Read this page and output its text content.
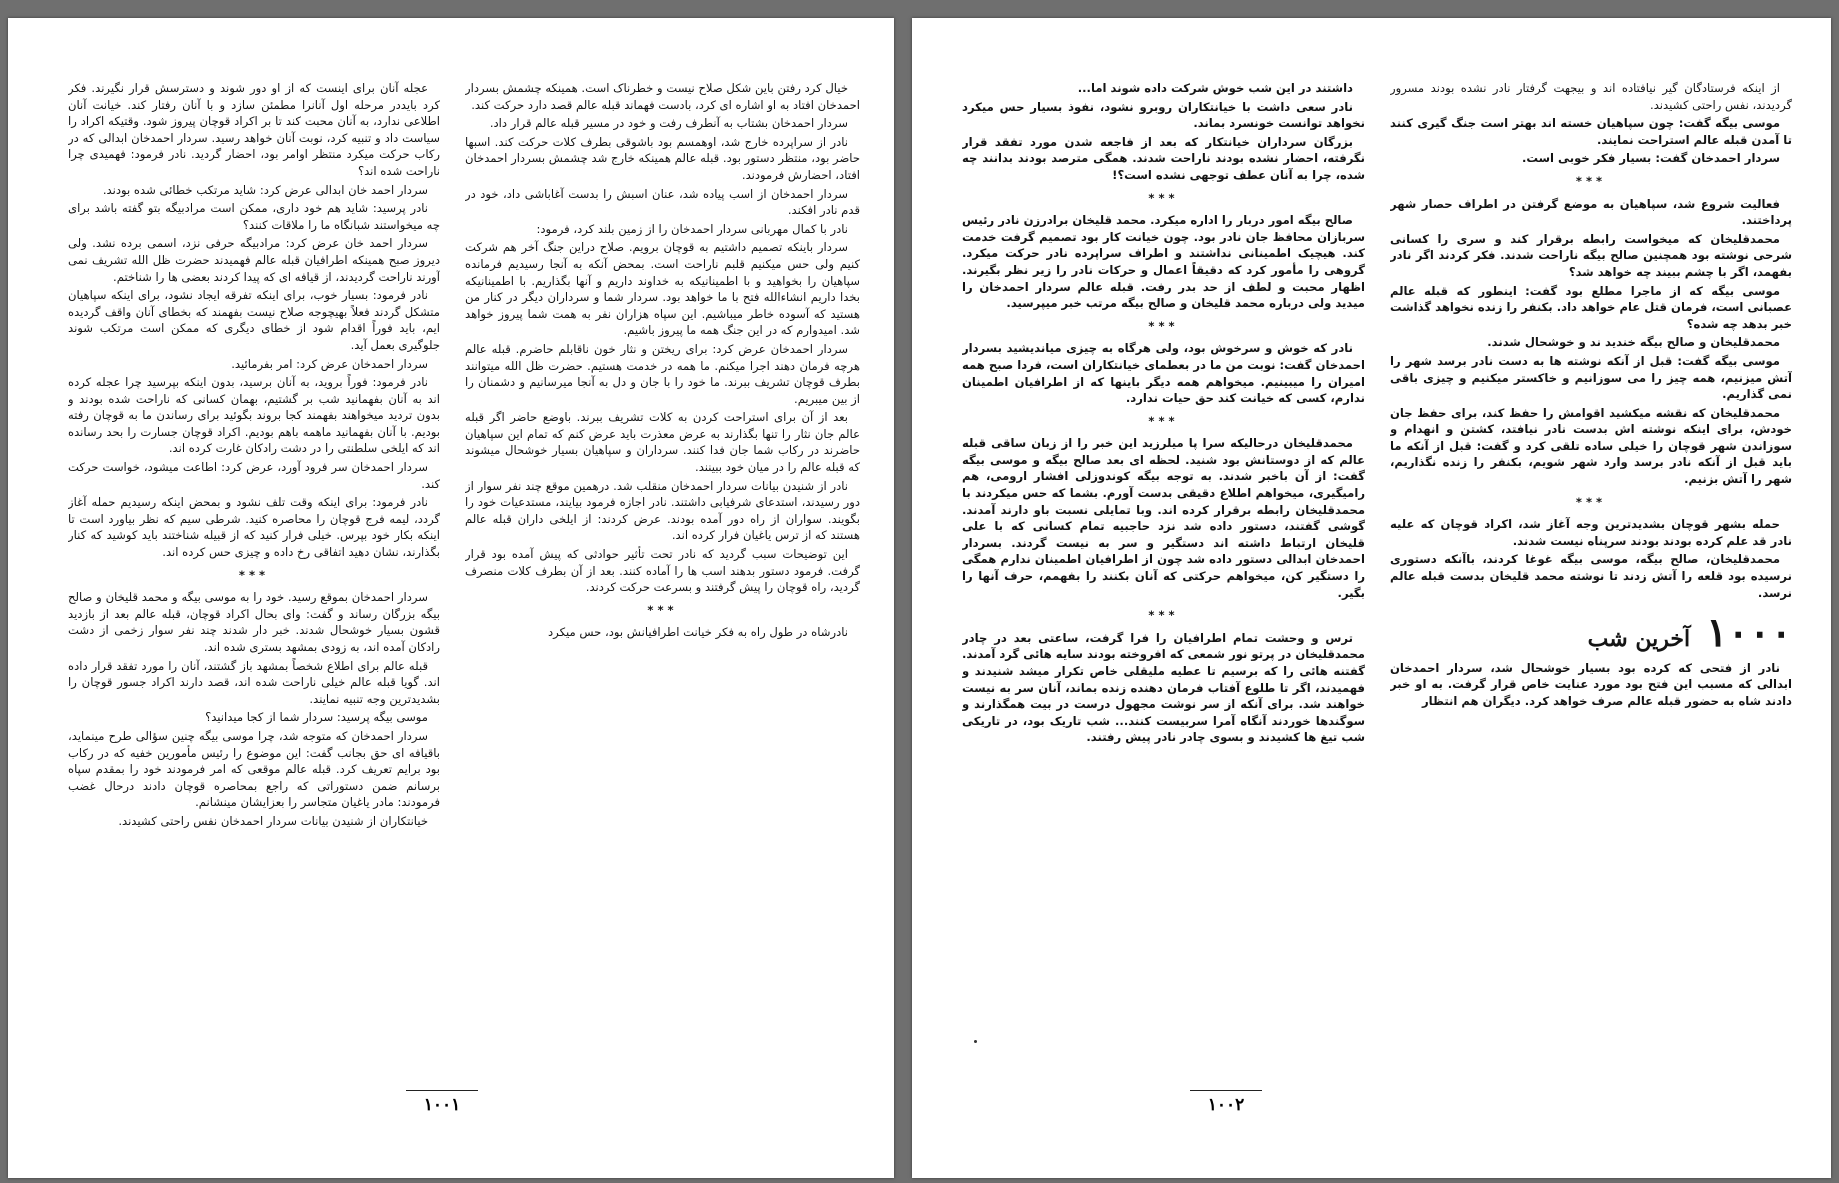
خیال کرد رفتن باین شکل صلاح نیست و خطرناک است. همینکه چشمش بسردار احمدخان افتاد به او اشاره ای کرد، بادست فهماند قبله عالم قصد دارد حرکت کند.

سردار احمدخان بشتاب به آنطرف رفت و خود در مسیر قبله عالم قرار داد.

نادر از سراپرده خارج شد، اوهمسم بود باشوقی بطرف کلات حرکت کند. اسبها حاضر بود، منتظر دستور بود. قبله عالم همینکه خارج شد چشمش بسردار احمدخان افتاد، احضارش فرمودند.

سردار احمدخان از اسب پیاده شد، عنان اسبش را بدست آغاباشی داد، خود در قدم نادر افکند.

نادر با کمال مهربانی سردار احمدخان را از زمین بلند کرد، فرمود:

سردار باینکه تصمیم داشتیم به قوچان برویم. صلاح دراین جنگ آخر هم شرکت کنیم ولی حس میکنیم قلبم ناراحت است. بمحض آنکه به آنجا رسیدیم فرمانده سپاهیان را بخواهید و با اطمینانیکه به خداوند داریم و آنها بگذاریم. با اطمینانیکه بخدا داریم انشاءالله فتح با ما خواهد بود. سردار شما و سرداران دیگر در کنار من هستید که آسوده خاطر میباشیم. این سپاه هزاران نفر به همت شما پیروز خواهد شد. امیدوارم که در این جنگ همه ما پیروز باشیم.

سردار احمدخان عرض کرد: برای ریختن و نثار خون ناقابلم حاضرم. قبله عالم هرچه فرمان دهند اجرا میکنم. ما همه در خدمت هستیم. حضرت ظل الله میتوانند بطرف قوچان تشریف ببرند. ما خود را با جان و دل به آنجا میرسانیم و دشمنان را از بین میبریم.

بعد از آن برای استراحت کردن به کلات تشریف ببرند. باوضع حاضر اگر قبله عالم جان نثار را تنها بگذارند به عرض معذرت باید عرض کنم که تمام این سپاهیان حاضرند در رکاب شما جان فدا کنند. سرداران و سپاهیان بسیار خوشحال میشوند که قبله عالم را در میان خود ببینند.

نادر از شنیدن بیانات سردار احمدخان منقلب شد. درهمین موقع چند نفر سوار از دور رسیدند، استدعای شرفیابی داشتند. نادر اجازه فرمود بیایند، مستدعیات خود را بگویند. سواران از راه دور آمده بودند. عرض کردند: از ایلخی داران قبله عالم هستند که از ترس یاغیان فرار کرده اند.

این توضیحات سبب گردید که نادر تحت تأثیر حوادثی که پیش آمده بود قرار گرفت. فرمود دستور بدهند اسب ها را آماده کنند. بعد از آن بطرف کلات منصرف گردید، راه قوچان را پیش گرفتند و بسرعت حرکت کردند.

***

نادرشاه در طول راه به فکر خیانت اطرافیانش بود، حس میکرد

عجله آنان برای اینست که از او دور شوند و دسترسش قرار نگیرند. فکر کرد بایددر مرحله اول آنانرا مطمئن سازد و با آنان رفتار کند. خیانت آنان اطلاعی ندارد، به آنان محبت کند تا بر اکراد قوچان پیروز شود. وقتیکه اکراد را سیاست داد و تنبیه کرد، نوبت آنان خواهد رسید. سردار احمدخان ابدالی که در رکاب حرکت میکرد منتظر اوامر بود، احضار گردید. نادر فرمود: فهمیدی چرا ناراحت شده اند؟

سردار احمد خان ابدالی عرض کرد: شاید مرتکب خطائی شده بودند.

نادر پرسید: شاید هم خود داری، ممکن است مرادبیگه بتو گفته باشد برای چه میخواستند شبانگاه ما را ملاقات کنند؟

سردار احمد خان عرض کرد: مرادبیگه حرفی نزد، اسمی برده نشد. ولی دیروز صبح همینکه اطرافیان قبله عالم فهمیدند حضرت ظل الله تشریف نمی آورند ناراحت گردیدند، از قیافه ای که پیدا کردند بعضی ها را شناختم.

نادر فرمود: بسیار خوب، برای اینکه تفرقه ایجاد نشود، برای اینکه سپاهیان متشکل گردند فعلاً بهیچوجه صلاح نیست بفهمند که بخطای آنان واقف گردیده ایم، باید فوراً اقدام شود از خطای دیگری که ممکن است مرتکب شوند جلوگیری بعمل آید.

سردار احمدخان عرض کرد: امر بفرمائید.

نادر فرمود: فوراً بروید، به آنان برسید، بدون اینکه بپرسید چرا عجله کرده اند به آنان بفهمانید شب بر گشتیم، بهمان کسانی که ناراحت شده بودند و بدون تردید میخواهند بفهمند کجا بروند بگوئید برای رساندن ما به قوچان رفته بودیم. با آنان بفهمانید ماهمه باهم بودیم. اکراد قوچان جسارت را بحد رسانده اند که ایلخی سلطنتی را در دشت رادکان غارت کرده اند.

سردار احمدخان سر فرود آورد، عرض کرد: اطاعت میشود، خواست حرکت کند.

نادر فرمود: برای اینکه وقت تلف نشود و بمحض اینکه رسیدیم حمله آغاز گردد، لیمه فرج قوچان را محاصره کنید. شرطی سیم که نظر بیاورد است تا اینکه بکار خود بپرس. خیلی فرار کنید که از قبیله شناختند باید کوشید که کنار بگذارند، نشان دهید اتفاقی رخ داده و چیزی حس کرده اند.

***

سردار احمدخان بموقع رسید. خود را به موسی بیگه و محمد قلیخان و صالح بیگه بزرگان رساند و گفت: وای بحال اکراد قوچان، قبله عالم بعد از بازدید قشون بسیار خوشحال شدند. خبر دار شدند چند نفر سوار زخمی از دشت رادکان آمده اند، به زودی بمشهد بستری شده اند.

قبله عالم برای اطلاع شخصاً بمشهد باز گشتند، آنان را مورد تفقد قرار داده اند. گویا قبله عالم خیلی ناراحت شده اند، قصد دارند اکراد جسور قوچان را بشدیدترین وجه تنبیه نمایند.

موسی بیگه پرسید: سردار شما از کجا میدانید؟

سردار احمدخان که متوجه شد، چرا موسی بیگه چنین سؤالی طرح مینماید، باقیافه ای حق بجانب گفت: این موضوع را رئیس مأمورین خفیه که در رکاب بود برایم تعریف کرد. قبله عالم موقعی که امر فرمودند خود را بمقدم سپاه برسانم ضمن دستوراتی که راجع بمحاصره قوچان دادند درحال غضب فرمودند: مادر یاغیان متجاسر را بعزایشان مینشانم.

خیانتکاران از شنیدن بیانات سردار احمدخان نفس راحتی کشیدند.

۱۰۰۱

از اینکه فرستادگان گیر نیافتاده اند و بیجهت گرفتار نادر نشده بودند مسرور گردیدند، نفس راحتی کشیدند.

موسی بیگه گفت: چون سپاهیان خسته اند بهتر است جنگ گیری کنند تا آمدن قبله عالم استراحت نمایند.

سردار احمدخان گفت: بسیار فکر خوبی است.

***

فعالیت شروع شد، سپاهیان به موضع گرفتن در اطراف حصار شهر پرداختند.

محمدقلیخان که میخواست رابطه برقرار کند و سری را کسانی شرحی نوشته بود همچنین صالح بیگه ناراحت شدند. فکر کردند اگر نادر بفهمد، اگر با چشم ببیند چه خواهد شد؟

موسی بیگه که از ماجرا مطلع بود گفت: اینطور که قبله عالم عصبانی است، فرمان قتل عام خواهد داد. بکنفر را زنده نخواهد گذاشت خبر بدهد چه شده؟

محمدقلیخان و صالح بیگه خندید ند و خوشحال شدند.

موسی بیگه گفت: قبل از آنکه نوشته ها به دست نادر برسد شهر را آتش میزنیم، همه چیز را می سوزانیم و خاکستر میکنیم و چیزی باقی نمی گذاریم.

محمدقلیخان که نقشه میکشید اقوامش را حفظ کند، برای حفظ جان خودش، برای اینکه نوشته اش بدست نادر نیافتد، کشتن و انهدام و سوزاندن شهر قوچان را خیلی ساده تلقی کرد و گفت: قبل از آنکه ما باید قبل از آنکه نادر برسد وارد شهر شویم، بکنفر را زنده نگذاریم، شهر را آتش بزنیم.

***

حمله بشهر قوچان بشدیدترین وجه آغاز شد، اکراد قوچان که علیه نادر قد علم کرده بودند بودند سرپناه نیست شدند.

محمدقلیخان، صالح بیگه، موسی بیگه غوغا کردند، باآنکه دستوری نرسیده بود قلعه را آتش زدند تا نوشته محمد قلیخان بدست قبله عالم نرسد.

۱۰۰۰
آخرین شب

نادر از فتحی که کرده بود بسیار خوشحال شد، سردار احمدخان ابدالی که مسبب این فتح بود مورد عنایت خاص قرار گرفت. به او خبر دادند شاه به حضور قبله عالم صرف خواهد کرد. دیگران هم انتظار

داشتند در این شب خوش شرکت داده شوند اما...

نادر سعی داشت با خیانتکاران روبرو نشود، نفوذ بسیار حس میکرد نخواهد توانست خونسرد بماند.

بزرگان سرداران خیانتکار که بعد از فاجعه شدن مورد تفقد قرار نگرفته، احضار نشده بودند ناراحت شدند. همگی مترصد بودند بدانند چه شده، چرا به آنان عطف توجهی نشده است؟!

***

صالح بیگه امور دربار را اداره میکرد. محمد قلیخان برادرزن نادر رئیس سربازان محافظ جان نادر بود. چون خیانت کار بود تصمیم گرفت خدمت کند. هیچیک اطمینانی نداشتند و اطراف سراپرده نادر حرکت میکرد. گروهی را مأمور کرد که دقیقاً اعمال و حرکات نادر را زیر نظر بگیرند. اظهار محبت و لطف از حد بدر رفت. قبله عالم سردار احمدخان را میدید ولی درباره محمد قلیخان و صالح بیگه مرتب خبر میپرسید.

***

نادر که خوش و سرخوش بود، ولی هرگاه به چیزی میاندیشید بسردار احمدخان گفت: نوبت من ما در بعطمای خیانتکاران است، فردا صبح همه امیران را میبینیم. میخواهم همه دیگر باینها که از اطرافیان اطمینان ندارم، کسی که خیانت کند حق حیات ندارد.

***

محمدقلیخان درحالیکه سرا پا میلرزید این خبر را از زبان ساقی قبله عالم که از دوستانش بود شنید. لحظه ای بعد صالح بیگه و موسی بیگه گفت: از آن باخبر شدند. به توجه بیگه کوندوزلی افشار ارومی، هم رامیگیری، میخواهم اطلاع دقیقی بدست آورم. بشما که حس میکردند با محمدقلیخان رابطه برقرار کرده اند. وبا تمایلی نسبت باو دارند آمدند. گوشی گفتند، دستور داده شد نزد حاجبیه تمام کسانی که با علی قلیخان ارتباط داشته اند دستگیر و سر به نیست گردند. بسردار احمدخان ابدالی دستور داده شد چون از اطرافیان اطمینان ندارم همگی را دستگیر کن، میخواهم حرکتی که آنان بکنند را بفهمم، حرف آنها را بگیر.

***

ترس و وحشت تمام اطرافیان را فرا گرفت، ساعتی بعد در چادر محمدقلیخان در پرتو نور شمعی که افروخته بودند سایه هائی گرد آمدند. گفتنه هائی را که برسیم تا عطیه ملیقلی خاص تکرار میشد شنیدند و فهمیدند، اگر تا طلوع آفتاب فرمان دهنده زنده بماند، آنان سر به نیست خواهند شد. برای آنکه از سر نوشت مجهول درست در بیت همگذارند و سوگندها خوردند آنگاه آمرا سربیست کنند... شب تاریک بود، در تاریکی شب تیغ ها کشیدند و بسوی چادر نادر پیش رفتند.

۱۰۰۲
